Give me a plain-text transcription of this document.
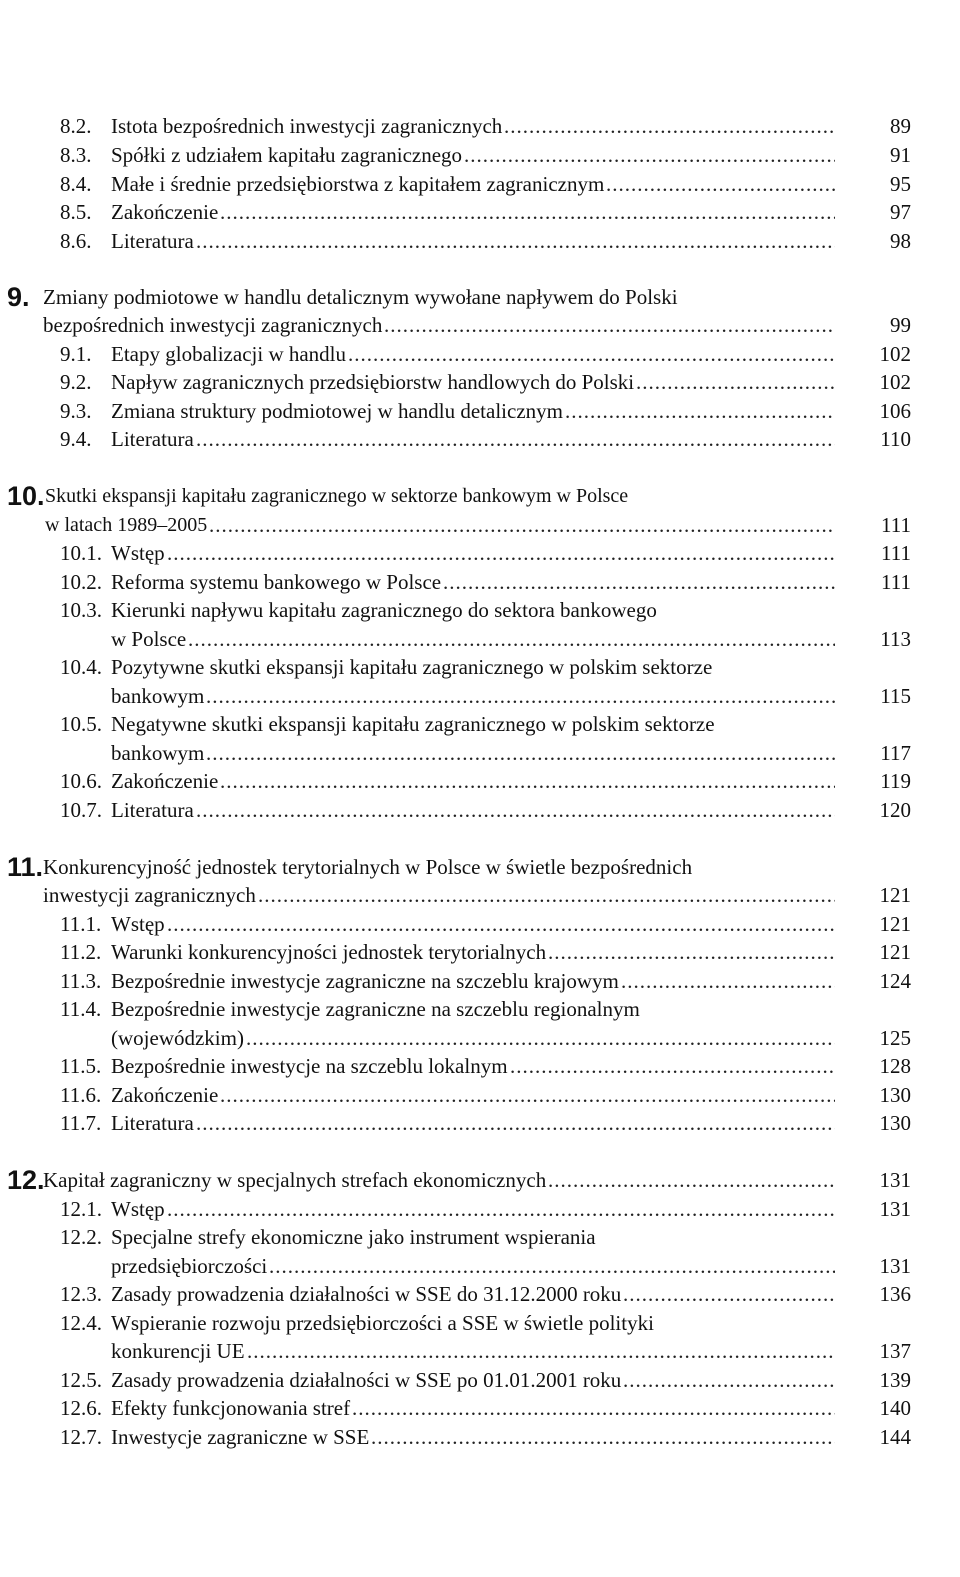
8.2. Istota bezpośrednich inwestycji zagranicznych .....	89
8.3. Spółki z udziałem kapitału zagranicznego .....	91
8.4. Małe i średnie przedsiębiorstwa z kapitałem zagranicznym .....	95
8.5. Zakończenie .....	97
8.6. Literatura .....	98
9. Zmiany podmiotowe w handlu detalicznym wywołane napływem do Polski
bezpośrednich inwestycji zagranicznych .....	99
9.1. Etapy globalizacji w handlu .....	102
9.2. Napływ zagranicznych przedsiębiorstw handlowych do Polski .....	102
9.3. Zmiana struktury podmiotowej w handlu detalicznym .....	106
9.4. Literatura .....	110
10. Skutki ekspansji kapitału zagranicznego w sektorze bankowym w Polsce
w latach 1989–2005 .....	111
10.1. Wstęp .....	111
10.2. Reforma systemu bankowego w Polsce .....	111
10.3. Kierunki napływu kapitału zagranicznego do sektora bankowego
w Polsce .....	113
10.4. Pozytywne skutki ekspansji kapitału zagranicznego w polskim sektorze
bankowym .....	115
10.5. Negatywne skutki ekspansji kapitału zagranicznego w polskim sektorze
bankowym .....	117
10.6. Zakończenie .....	119
10.7. Literatura .....	120
11. Konkurencyjność jednostek terytorialnych w Polsce w świetle bezpośrednich
inwestycji zagranicznych .....	121
11.1. Wstęp .....	121
11.2. Warunki konkurencyjności jednostek terytorialnych .....	121
11.3. Bezpośrednie inwestycje zagraniczne na szczeblu krajowym .....	124
11.4. Bezpośrednie inwestycje zagraniczne na szczeblu regionalnym
(wojewódzkim) .....	125
11.5. Bezpośrednie inwestycje na szczeblu lokalnym .....	128
11.6. Zakończenie .....	130
11.7. Literatura .....	130
12.
Kapitał zagraniczny w specjalnych strefach ekonomicznych .....	131
12.1. Wstęp .....	131
12.2. Specjalne strefy ekonomiczne jako instrument wspierania
przedsiębiorczości .....	131
12.3. Zasady prowadzenia działalności w SSE do 31.12.2000 roku .....	136
12.4. Wspieranie rozwoju przedsiębiorczości a SSE w świetle polityki
konkurencji UE .....	137
12.5. Zasady prowadzenia działalności w SSE po 01.01.2001 roku .....	139
12.6. Efekty funkcjonowania stref .....	140
12.7. Inwestycje zagraniczne w SSE .....	144
